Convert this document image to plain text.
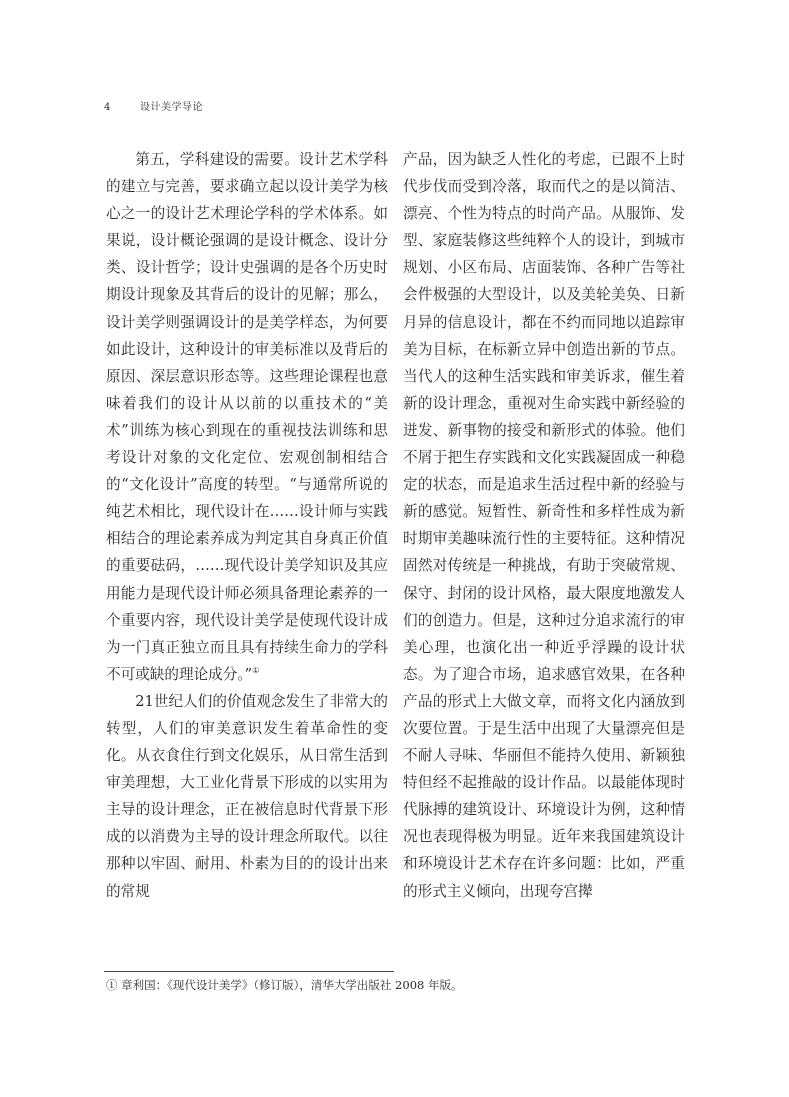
4	设计美学导论

第五，学科建设的需要。设计艺术学科的建立与完善，要求确立起以设计美学为核心之一的设计艺术理论学科的学术体系。如果说，设计概论强调的是设计概念、设计分类、设计哲学；设计史强调的是各个历史时期设计现象及其背后的设计的见解；那么，设计美学则强调设计的是美学样态，为何要如此设计，这种设计的审美标准以及背后的原因、深层意识形态等。这些理论课程也意味着我们的设计从以前的以重技术的“美术”训练为核心到现在的重视技法训练和思考设计对象的文化定位、宏观创制相结合的“文化设计”高度的转型。“与通常所说的纯艺术相比，现代设计在……设计师与实践相结合的理论素养成为判定其自身真正价值的重要砝码，……现代设计美学知识及其应用能力是现代设计师必须具备理论素养的一个重要内容，现代设计美学是使现代设计成为一门真正独立而且具有持续生命力的学科不可或缺的理论成分。”①

21世纪人们的价值观念发生了非常大的转型，人们的审美意识发生着革命性的变化。从衣食住行到文化娱乐，从日常生活到审美理想，大工业化背景下形成的以实用为主导的设计理念，正在被信息时代背景下形成的以消费为主导的设计理念所取代。以往那种以牢固、耐用、朴素为目的的设计出来的常规

产品，因为缺乏人性化的考虑，已跟不上时代步伐而受到冷落，取而代之的是以简洁、漂亮、个性为特点的时尚产品。从服饰、发型、家庭装修这些纯粹个人的设计，到城市规划、小区布局、店面装饰、各种广告等社会件极强的大型设计，以及美轮美奂、日新月异的信息设计，都在不约而同地以追踪审美为目标，在标新立异中创造出新的节点。当代人的这种生活实践和审美诉求，催生着新的设计理念，重视对生命实践中新经验的迸发、新事物的接受和新形式的体验。他们不屑于把生存实践和文化实践凝固成一种稳定的状态，而是追求生活过程中新的经验与新的感觉。短暂性、新奇性和多样性成为新时期审美趣味流行性的主要特征。这种情况固然对传统是一种挑战，有助于突破常规、保守、封闭的设计风格，最大限度地激发人们的创造力。但是，这种过分追求流行的审美心理，也演化出一种近乎浮躁的设计状态。为了迎合市场，追求感官效果，在各种产品的形式上大做文章，而将文化内涵放到次要位置。于是生活中出现了大量漂亮但是不耐人寻味、华丽但不能持久使用、新颖独特但经不起推敲的设计作品。以最能体现时代脉搏的建筑设计、环境设计为例，这种情况也表现得极为明显。近年来我国建筑设计和环境设计艺术存在许多问题：比如，严重的形式主义倾向，出现夸宫撵

① 章利国：《现代设计美学》（修订版），清华大学出版社 2008 年版。
